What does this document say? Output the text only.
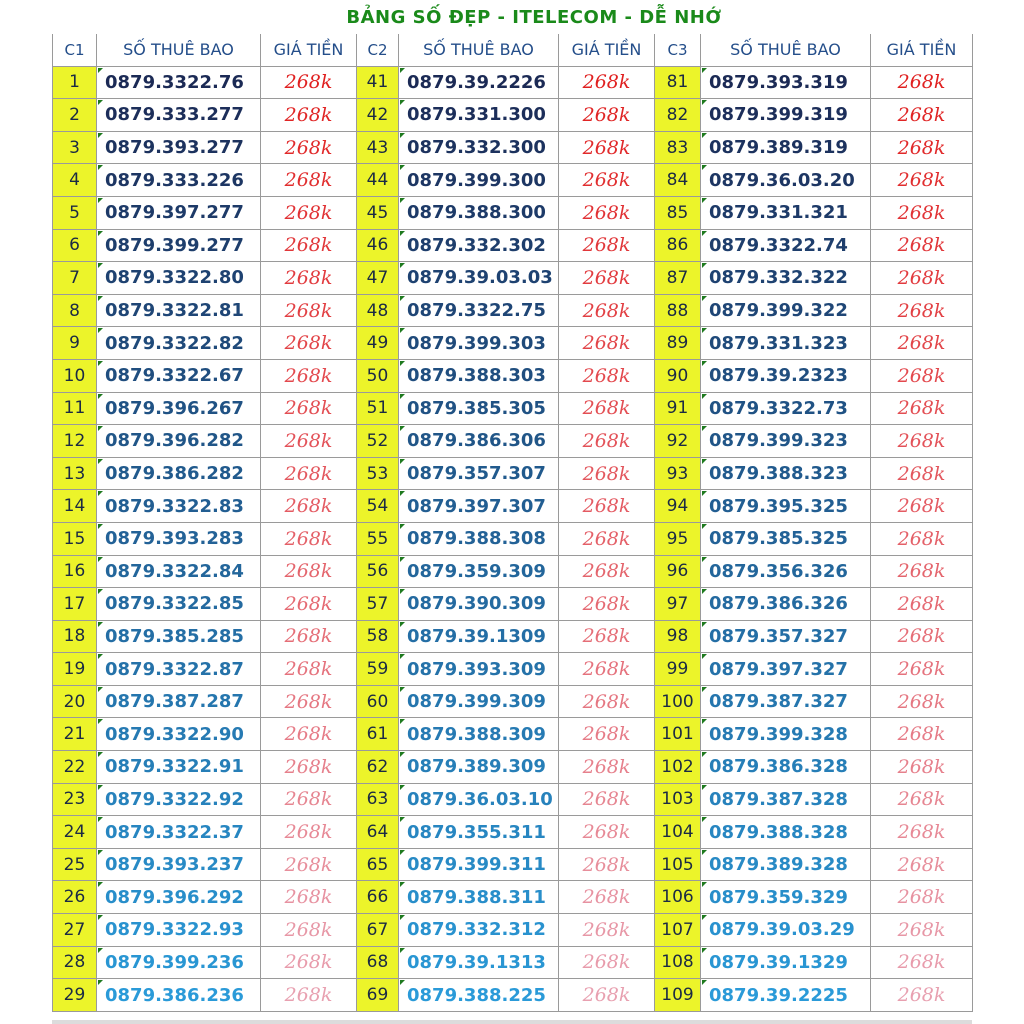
BẢNG SỐ ĐẸP - ITELECOM - DỄ NHỚ
C1	SỐ THUÊ BAO	GIÁ TIỀN	C2	SỐ THUÊ BAO	GIÁ TIỀN	C3	SỐ THUÊ BAO	GIÁ TIỀN
1	0879.3322.76	268k	41	0879.39.2226	268k	81	0879.393.319	268k
2	0879.333.277	268k	42	0879.331.300	268k	82	0879.399.319	268k
3	0879.393.277	268k	43	0879.332.300	268k	83	0879.389.319	268k
4	0879.333.226	268k	44	0879.399.300	268k	84	0879.36.03.20	268k
5	0879.397.277	268k	45	0879.388.300	268k	85	0879.331.321	268k
6	0879.399.277	268k	46	0879.332.302	268k	86	0879.3322.74	268k
7	0879.3322.80	268k	47	0879.39.03.03	268k	87	0879.332.322	268k
8	0879.3322.81	268k	48	0879.3322.75	268k	88	0879.399.322	268k
9	0879.3322.82	268k	49	0879.399.303	268k	89	0879.331.323	268k
10	0879.3322.67	268k	50	0879.388.303	268k	90	0879.39.2323	268k
11	0879.396.267	268k	51	0879.385.305	268k	91	0879.3322.73	268k
12	0879.396.282	268k	52	0879.386.306	268k	92	0879.399.323	268k
13	0879.386.282	268k	53	0879.357.307	268k	93	0879.388.323	268k
14	0879.3322.83	268k	54	0879.397.307	268k	94	0879.395.325	268k
15	0879.393.283	268k	55	0879.388.308	268k	95	0879.385.325	268k
16	0879.3322.84	268k	56	0879.359.309	268k	96	0879.356.326	268k
17	0879.3322.85	268k	57	0879.390.309	268k	97	0879.386.326	268k
18	0879.385.285	268k	58	0879.39.1309	268k	98	0879.357.327	268k
19	0879.3322.87	268k	59	0879.393.309	268k	99	0879.397.327	268k
20	0879.387.287	268k	60	0879.399.309	268k	100 0879.387.327	268k
21	0879.3322.90	268k	61	0879.388.309	268k	101 0879.399.328	268k
22	0879.3322.91	268k	62	0879.389.309	268k	102 0879.386.328	268k
23	0879.3322.92	268k	63	0879.36.03.10	268k	103 0879.387.328	268k
24	0879.3322.37	268k	64	0879.355.311	268k	104 0879.388.328	268k
25	0879.393.237	268k	65	0879.399.311	268k	105 0879.389.328	268k
26	0879.396.292	268k	66	0879.388.311	268k	106 0879.359.329	268k
27	0879.3322.93	268k	67	0879.332.312	268k	107 0879.39.03.29	268k
28	0879.399.236	268k	68	0879.39.1313	268k	108 0879.39.1329	268k
29	0879.386.236	268k	69	0879.388.225	268k	109 0879.39.2225	268k
